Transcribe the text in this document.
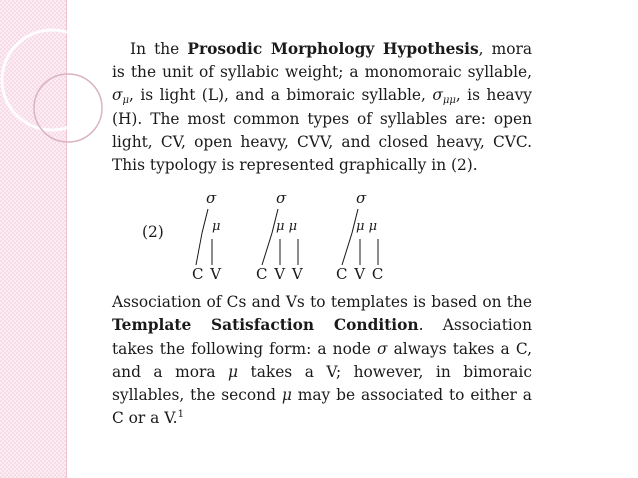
In the Prosodic Morphology Hypothesis, mora is the unit of syllabic weight; a monomoraic syllable, $\sigma_\mu$, is light (L), and a bimoraic syllable, $\sigma_{\mu\mu}$, is heavy (H). The most common types of syllables are: open light, CV, open heavy, CVV, and closed heavy, CVC. This typology is represented graphically in (2).

(2)
σ
μ
C V
σ
μ μ
C V V
σ
μ μ
C V C

Association of Cs and Vs to templates is based on the Template Satisfaction Condition. Association takes the following form: a node σ always takes a C, and a mora μ takes a V; however, in bimoraic syllables, the second μ may be associated to either a C or a V.$^1$
